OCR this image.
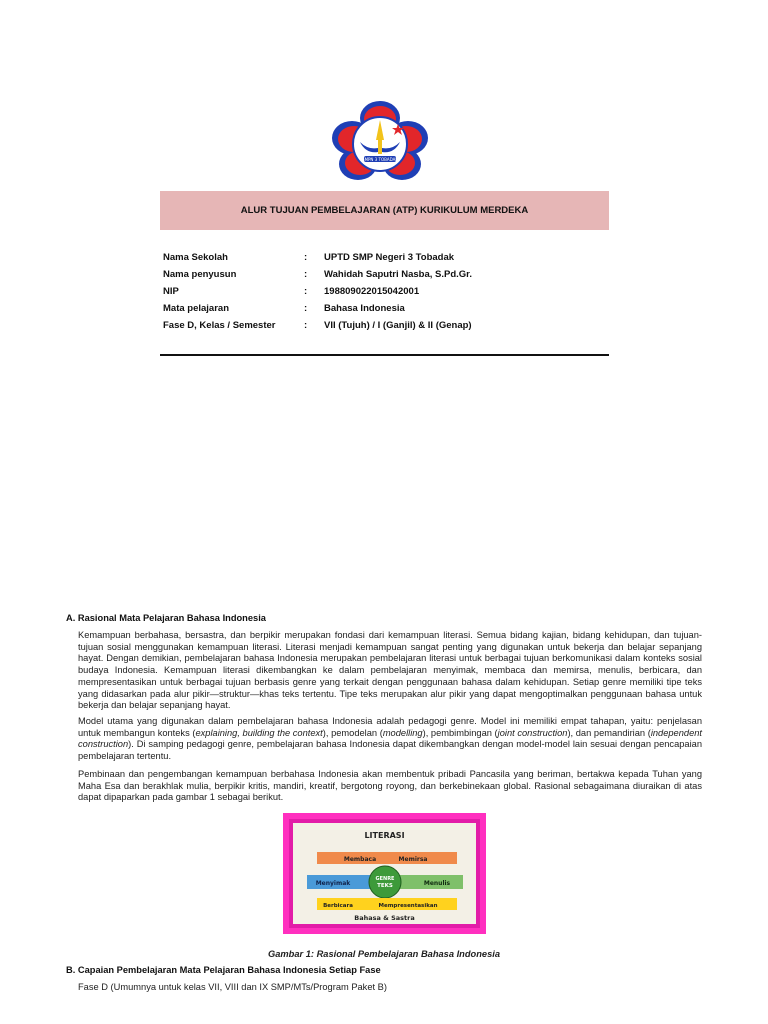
SMPN 3 TOBADAK
ALUR TUJUAN PEMBELAJARAN (ATP) KURIKULUM MERDEKA
Nama Sekolah	: UPTD SMP Negeri 3 Tobadak
Nama penyusun	: Wahidah Saputri Nasba, S.Pd.Gr.
NIP	: 198809022015042001
Mata pelajaran	: Bahasa Indonesia
Fase D, Kelas / Semester	: VII (Tujuh) / I (Ganjil) & II (Genap)
A. Rasional Mata Pelajaran Bahasa Indonesia
Kemampuan berbahasa, bersastra, dan berpikir merupakan fondasi dari kemampuan literasi. Semua bidang kajian, bidang kehidupan, dan tujuan-tujuan sosial menggunakan kemampuan literasi. Literasi menjadi kemampuan sangat penting yang digunakan untuk bekerja dan belajar sepanjang hayat. Dengan demikian, pembelajaran bahasa Indonesia merupakan pembelajaran literasi untuk berbagai tujuan berkomunikasi dalam konteks sosial budaya Indonesia. Kemampuan literasi dikembangkan ke dalam pembelajaran menyimak, membaca dan memirsa, menulis, berbicara, dan mempresentasikan untuk berbagai tujuan berbasis genre yang terkait dengan penggunaan bahasa dalam kehidupan. Setiap genre memiliki tipe teks yang didasarkan pada alur pikir—struktur—khas teks tertentu. Tipe teks merupakan alur pikir yang dapat mengoptimalkan penggunaan bahasa untuk bekerja dan belajar sepanjang hayat.
Model utama yang digunakan dalam pembelajaran bahasa Indonesia adalah pedagogi genre. Model ini memiliki empat tahapan, yaitu: penjelasan untuk membangun konteks (explaining, building the context), pemodelan (modelling), pembimbingan (joint construction), dan pemandirian (independent construction). Di samping pedagogi genre, pembelajaran bahasa Indonesia dapat dikembangkan dengan model-model lain sesuai dengan pencapaian pembelajaran tertentu.
Pembinaan dan pengembangan kemampuan berbahasa Indonesia akan membentuk pribadi Pancasila yang beriman, bertakwa kepada Tuhan yang Maha Esa dan berakhlak mulia, berpikir kritis, mandiri, kreatif, bergotong royong, dan berkebinekaan global. Rasional sebagaimana diuraikan di atas dapat dipaparkan pada gambar 1 sebagai berikut.
LITERASI
Membaca	Memirsa
Menyimak	Menulis
GENRE
TEKS
Berbicara	Mempresentasikan
Bahasa & Sastra
Gambar 1: Rasional Pembelajaran Bahasa Indonesia
B. Capaian Pembelajaran Mata Pelajaran Bahasa Indonesia Setiap Fase
Fase D (Umumnya untuk kelas VII, VIII dan IX SMP/MTs/Program Paket B)
